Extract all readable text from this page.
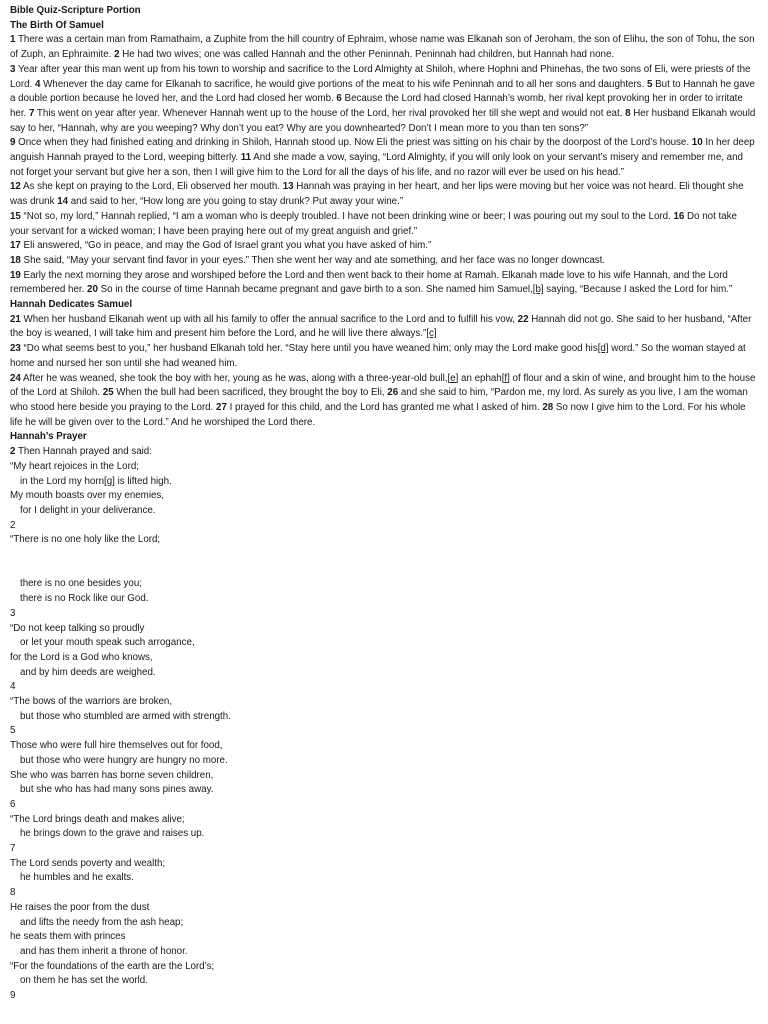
Bible Quiz-Scripture Portion
The Birth Of Samuel
1 There was a certain man from Ramathaim, a Zuphite from the hill country of Ephraim, whose name was Elkanah son of Jeroham, the son of Elihu, the son of Tohu, the son of Zuph, an Ephraimite. 2 He had two wives; one was called Hannah and the other Peninnah. Peninnah had children, but Hannah had none.
3 Year after year this man went up from his town to worship and sacrifice to the Lord Almighty at Shiloh, where Hophni and Phinehas, the two sons of Eli, were priests of the Lord. 4 Whenever the day came for Elkanah to sacrifice, he would give portions of the meat to his wife Peninnah and to all her sons and daughters. 5 But to Hannah he gave a double portion because he loved her, and the Lord had closed her womb. 6 Because the Lord had closed Hannah’s womb, her rival kept provoking her in order to irritate her. 7 This went on year after year. Whenever Hannah went up to the house of the Lord, her rival provoked her till she wept and would not eat. 8 Her husband Elkanah would say to her, “Hannah, why are you weeping? Why don’t you eat? Why are you downhearted? Don’t I mean more to you than ten sons?”
9 Once when they had finished eating and drinking in Shiloh, Hannah stood up. Now Eli the priest was sitting on his chair by the doorpost of the Lord’s house. 10 In her deep anguish Hannah prayed to the Lord, weeping bitterly. 11 And she made a vow, saying, “Lord Almighty, if you will only look on your servant’s misery and remember me, and not forget your servant but give her a son, then I will give him to the Lord for all the days of his life, and no razor will ever be used on his head.”
12 As she kept on praying to the Lord, Eli observed her mouth. 13 Hannah was praying in her heart, and her lips were moving but her voice was not heard. Eli thought she was drunk 14 and said to her, “How long are you going to stay drunk? Put away your wine.”
15 “Not so, my lord,” Hannah replied, “I am a woman who is deeply troubled. I have not been drinking wine or beer; I was pouring out my soul to the Lord. 16 Do not take your servant for a wicked woman; I have been praying here out of my great anguish and grief.”
17 Eli answered, “Go in peace, and may the God of Israel grant you what you have asked of him.”
18 She said, “May your servant find favor in your eyes.” Then she went her way and ate something, and her face was no longer downcast.
19 Early the next morning they arose and worshiped before the Lord and then went back to their home at Ramah. Elkanah made love to his wife Hannah, and the Lord remembered her. 20 So in the course of time Hannah became pregnant and gave birth to a son. She named him Samuel,[b] saying, “Because I asked the Lord for him.”
Hannah Dedicates Samuel
21 When her husband Elkanah went up with all his family to offer the annual sacrifice to the Lord and to fulfill his vow, 22 Hannah did not go. She said to her husband, “After the boy is weaned, I will take him and present him before the Lord, and he will live there always.”[c]
23 “Do what seems best to you,” her husband Elkanah told her. “Stay here until you have weaned him; only may the Lord make good his[d] word.” So the woman stayed at home and nursed her son until she had weaned him.
24 After he was weaned, she took the boy with her, young as he was, along with a three-year-old bull,[e] an ephah[f] of flour and a skin of wine, and brought him to the house of the Lord at Shiloh. 25 When the bull had been sacrificed, they brought the boy to Eli, 26 and she said to him, “Pardon me, my lord. As surely as you live, I am the woman who stood here beside you praying to the Lord. 27 I prayed for this child, and the Lord has granted me what I asked of him. 28 So now I give him to the Lord. For his whole life he will be given over to the Lord.” And he worshiped the Lord there.
Hannah’s Prayer
2 Then Hannah prayed and said:
“My heart rejoices in the Lord;
in the Lord my horn[g] is lifted high.
My mouth boasts over my enemies,
for I delight in your deliverance.
2
“There is no one holy like the Lord;
there is no one besides you;
there is no Rock like our God.
3
“Do not keep talking so proudly
or let your mouth speak such arrogance,
for the Lord is a God who knows,
and by him deeds are weighed.
4
“The bows of the warriors are broken,
but those who stumbled are armed with strength.
5
Those who were full hire themselves out for food,
but those who were hungry are hungry no more.
She who was barren has borne seven children,
but she who has had many sons pines away.
6
“The Lord brings death and makes alive;
he brings down to the grave and raises up.
7
The Lord sends poverty and wealth;
he humbles and he exalts.
8
He raises the poor from the dust
and lifts the needy from the ash heap;
he seats them with princes
and has them inherit a throne of honor.
“For the foundations of the earth are the Lord’s;
on them he has set the world.
9
